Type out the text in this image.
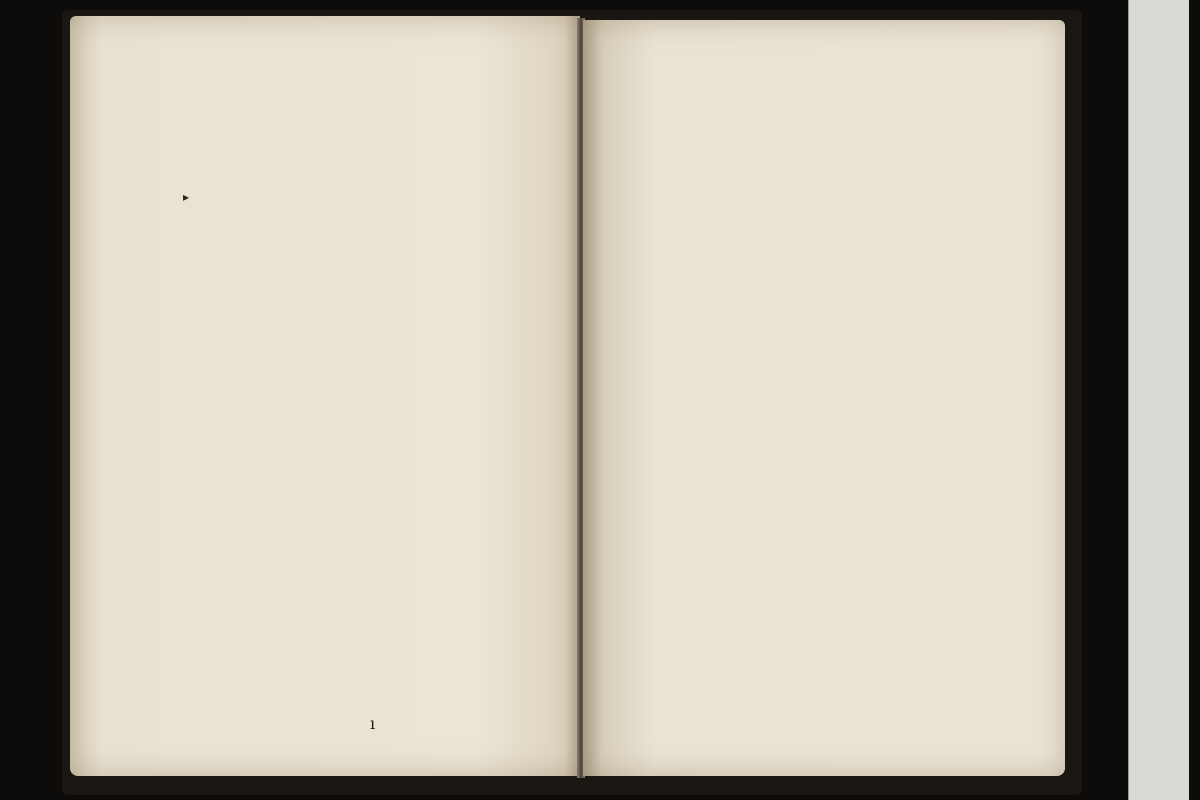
▸
ı
